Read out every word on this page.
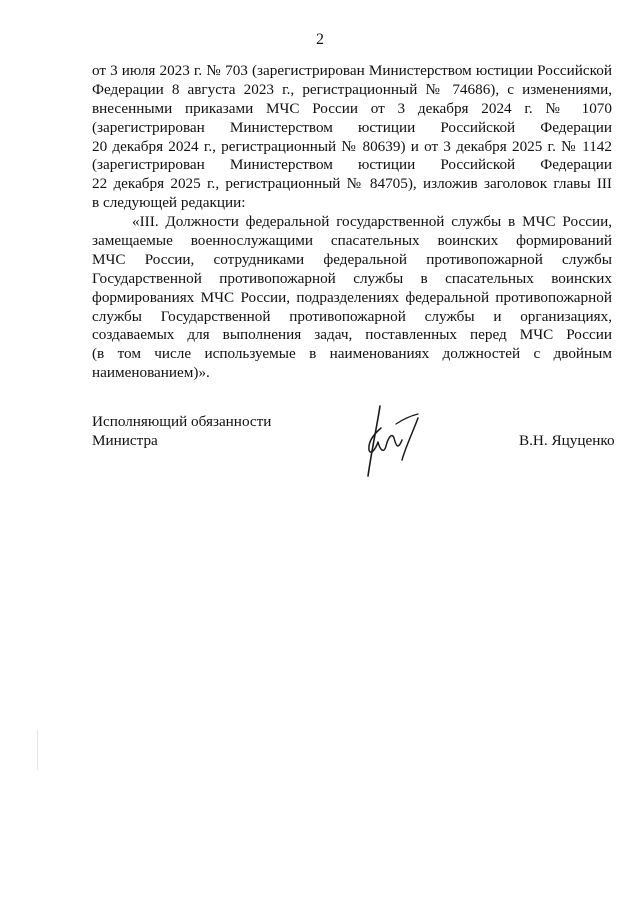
2
от 3 июля 2023 г. № 703 (зарегистрирован Министерством юстиции Российской
Федерации 8 августа 2023 г., регистрационный № 74686), с изменениями,
внесенными приказами МЧС России от 3 декабря 2024 г. № 1070
(зарегистрирован Министерством юстиции Российской Федерации
20 декабря 2024 г., регистрационный № 80639) и от 3 декабря 2025 г. № 1142
(зарегистрирован Министерством юстиции Российской Федерации
22 декабря 2025 г., регистрационный № 84705), изложив заголовок главы III
в следующей редакции:
«III. Должности федеральной государственной службы в МЧС России,
замещаемые военнослужащими спасательных воинских формирований
МЧС России, сотрудниками федеральной противопожарной службы
Государственной противопожарной службы в спасательных воинских
формированиях МЧС России, подразделениях федеральной противопожарной
службы Государственной противопожарной службы и организациях,
создаваемых для выполнения задач, поставленных перед МЧС России
(в том числе используемые в наименованиях должностей с двойным
наименованием)».
Исполняющий обязанности
Министра	В.Н. Яцуценко
